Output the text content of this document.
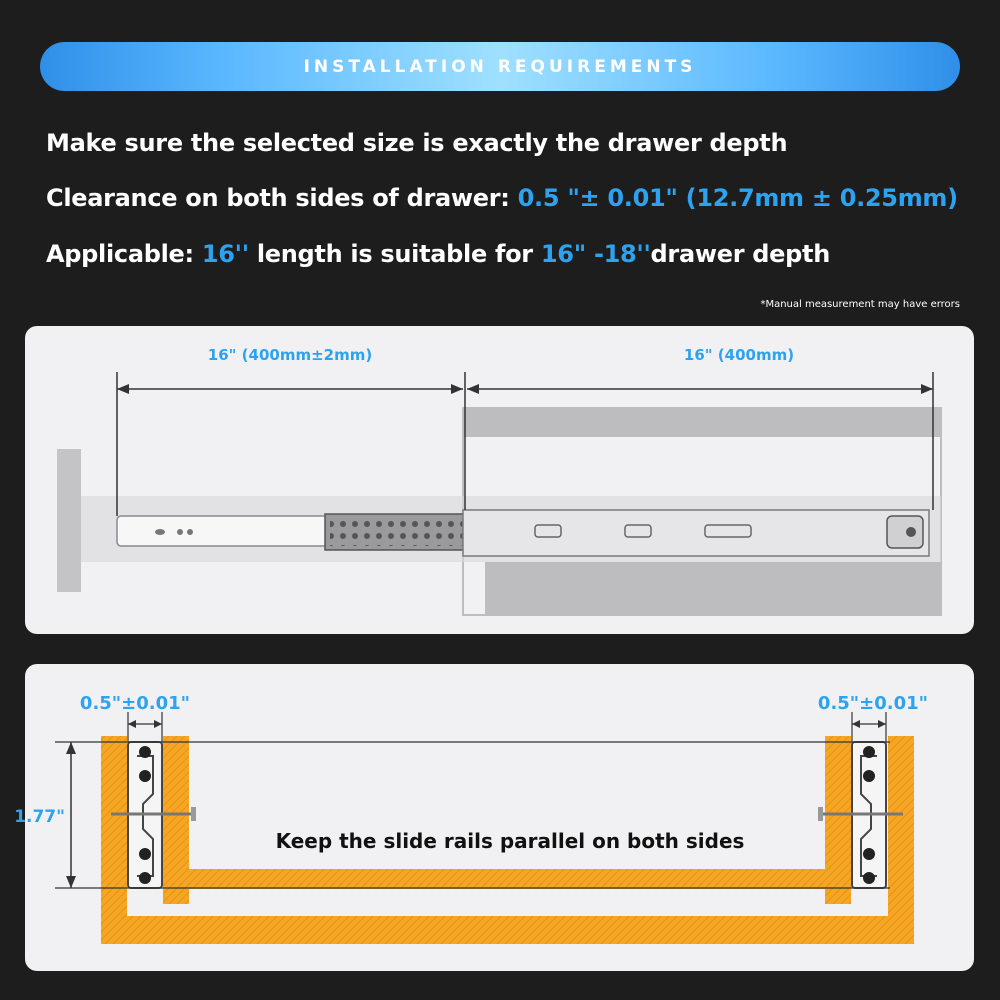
INSTALLATION REQUIREMENTS
Make sure the selected size is exactly the drawer depth
Clearance on both sides of drawer: 0.5 "± 0.01" (12.7mm ± 0.25mm)
Applicable: 16'' length is suitable for 16" -18''drawer depth
*Manual measurement may have errors
16" (400mm±2mm)	16" (400mm)
1.77"
0.5"±0.01"	0.5"±0.01"
Keep the slide rails parallel on both sides
